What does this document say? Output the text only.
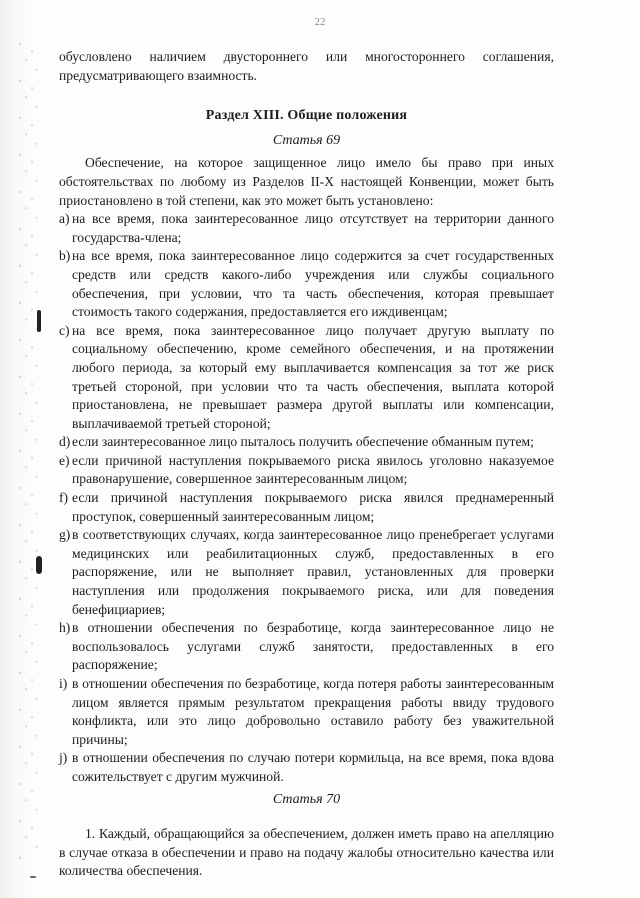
22

обусловлено наличием двустороннего или многостороннего соглашения, предусматривающего взаимность.

Раздел XIII. Общие положения
Статья 69

Обеспечение, на которое защищенное лицо имело бы право при иных обстоятельствах по любому из Разделов II-X настоящей Конвенции, может быть приостановлено в той степени, как это может быть установлено:

a) на все время, пока заинтересованное лицо отсутствует на территории данного государства-члена;
b) на все время, пока заинтересованное лицо содержится за счет государственных средств или средств какого-либо учреждения или службы социального обеспечения, при условии, что та часть обеспечения, которая превышает стоимость такого содержания, предоставляется его иждивенцам;
c) на все время, пока заинтересованное лицо получает другую выплату по социальному обеспечению, кроме семейного обеспечения, и на протяжении любого периода, за который ему выплачивается компенсация за тот же риск третьей стороной, при условии что та часть обеспечения, выплата которой приостановлена, не превышает размера другой выплаты или компенсации, выплачиваемой третьей стороной;
d) если заинтересованное лицо пыталось получить обеспечение обманным путем;
e) если причиной наступления покрываемого риска явилось уголовно наказуемое правонарушение, совершенное заинтересованным лицом;
f) если причиной наступления покрываемого риска явился преднамеренный проступок, совершенный заинтересованным лицом;
g) в соответствующих случаях, когда заинтересованное лицо пренебрегает услугами медицинских или реабилитационных служб, предоставленных в его распоряжение, или не выполняет правил, установленных для проверки наступления или продолжения покрываемого риска, или для поведения бенефициариев;
h) в отношении обеспечения по безработице, когда заинтересованное лицо не воспользовалось услугами служб занятости, предоставленных в его распоряжение;
i) в отношении обеспечения по безработице, когда потеря работы заинтересованным лицом является прямым результатом прекращения работы ввиду трудового конфликта, или это лицо добровольно оставило работу без уважительной причины;
j) в отношении обеспечения по случаю потери кормильца, на все время, пока вдова сожительствует с другим мужчиной.
Статья 70

1. Каждый, обращающийся за обеспечением, должен иметь право на апелляцию в случае отказа в обеспечении и право на подачу жалобы относительно качества или количества обеспечения.
